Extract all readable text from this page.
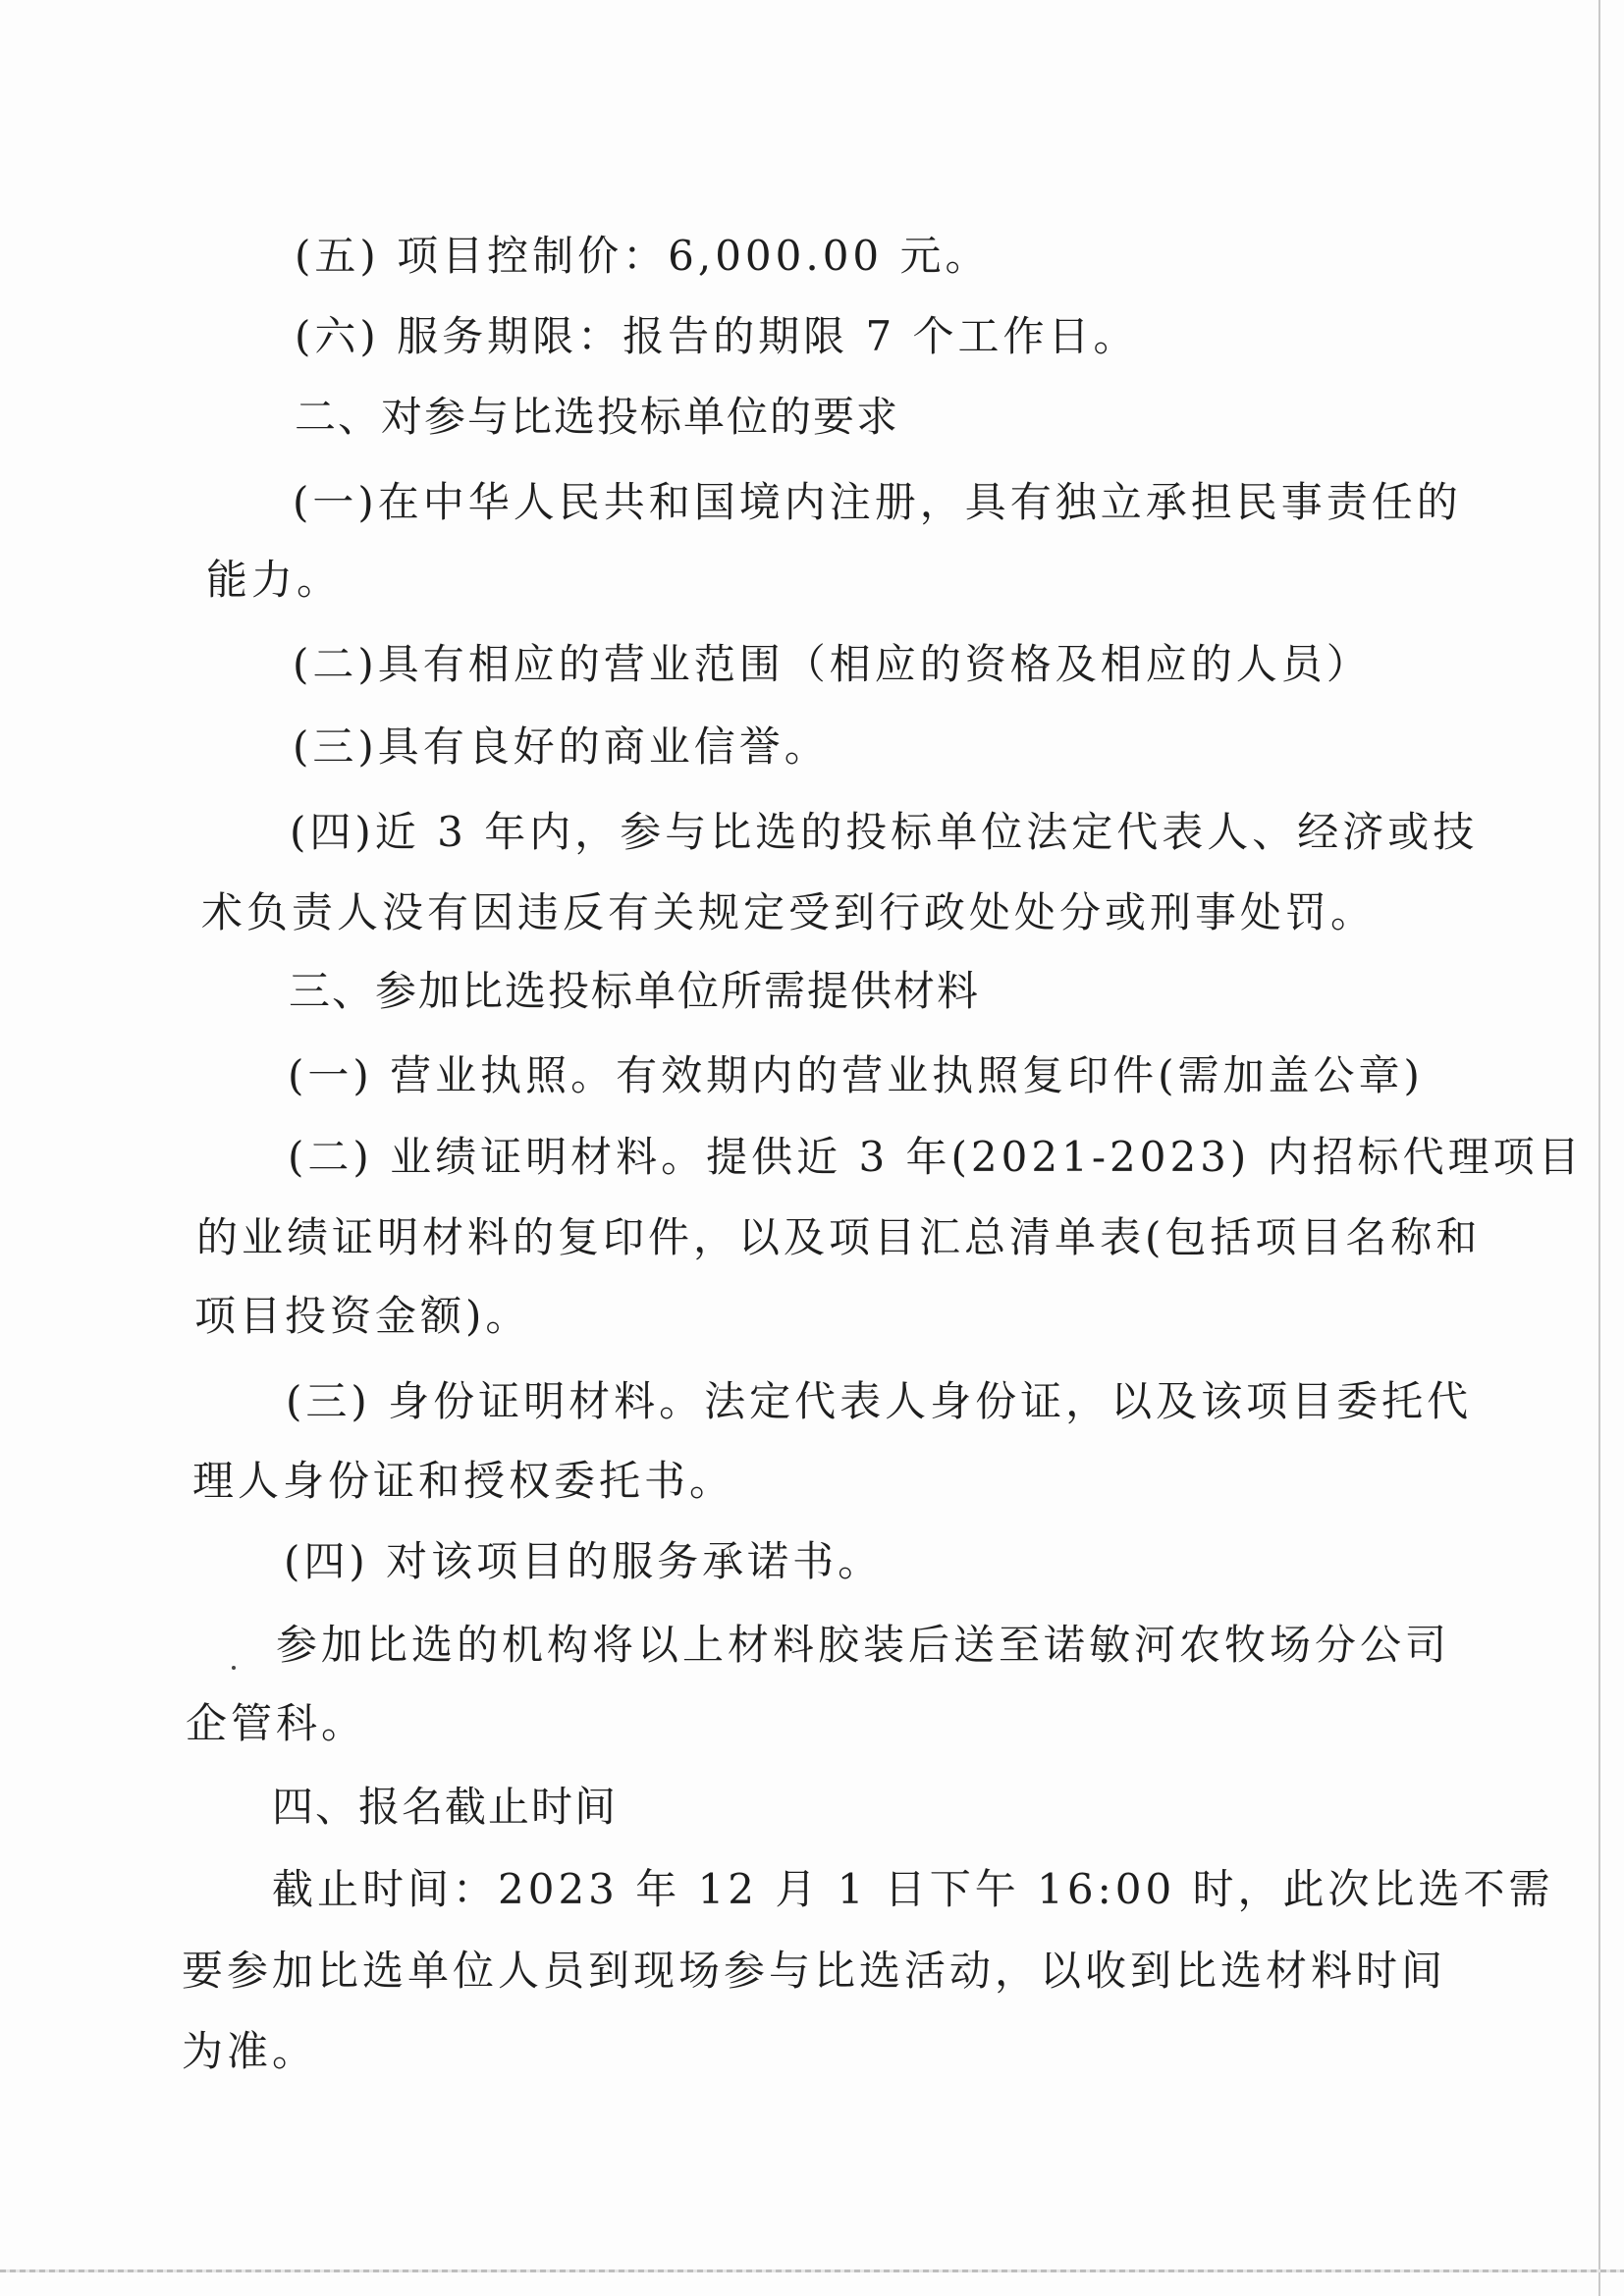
(五) 项目控制价：6,000.00 元。
(六) 服务期限：报告的期限 7 个工作日。
二、对参与比选投标单位的要求
(一)在中华人民共和国境内注册，具有独立承担民事责任的
能力。
(二)具有相应的营业范围（相应的资格及相应的人员）
(三)具有良好的商业信誉。
(四)近 3 年内，参与比选的投标单位法定代表人、经济或技
术负责人没有因违反有关规定受到行政处处分或刑事处罚。
三、参加比选投标单位所需提供材料
(一) 营业执照。有效期内的营业执照复印件(需加盖公章)
(二) 业绩证明材料。提供近 3 年(2021-2023) 内招标代理项目
的业绩证明材料的复印件，以及项目汇总清单表(包括项目名称和
项目投资金额)。
(三) 身份证明材料。法定代表人身份证，以及该项目委托代
理人身份证和授权委托书。
(四) 对该项目的服务承诺书。
参加比选的机构将以上材料胶装后送至诺敏河农牧场分公司
企管科。
四、报名截止时间
截止时间：2023 年 12 月 1 日下午 16:00 时，此次比选不需
要参加比选单位人员到现场参与比选活动，以收到比选材料时间
为准。
